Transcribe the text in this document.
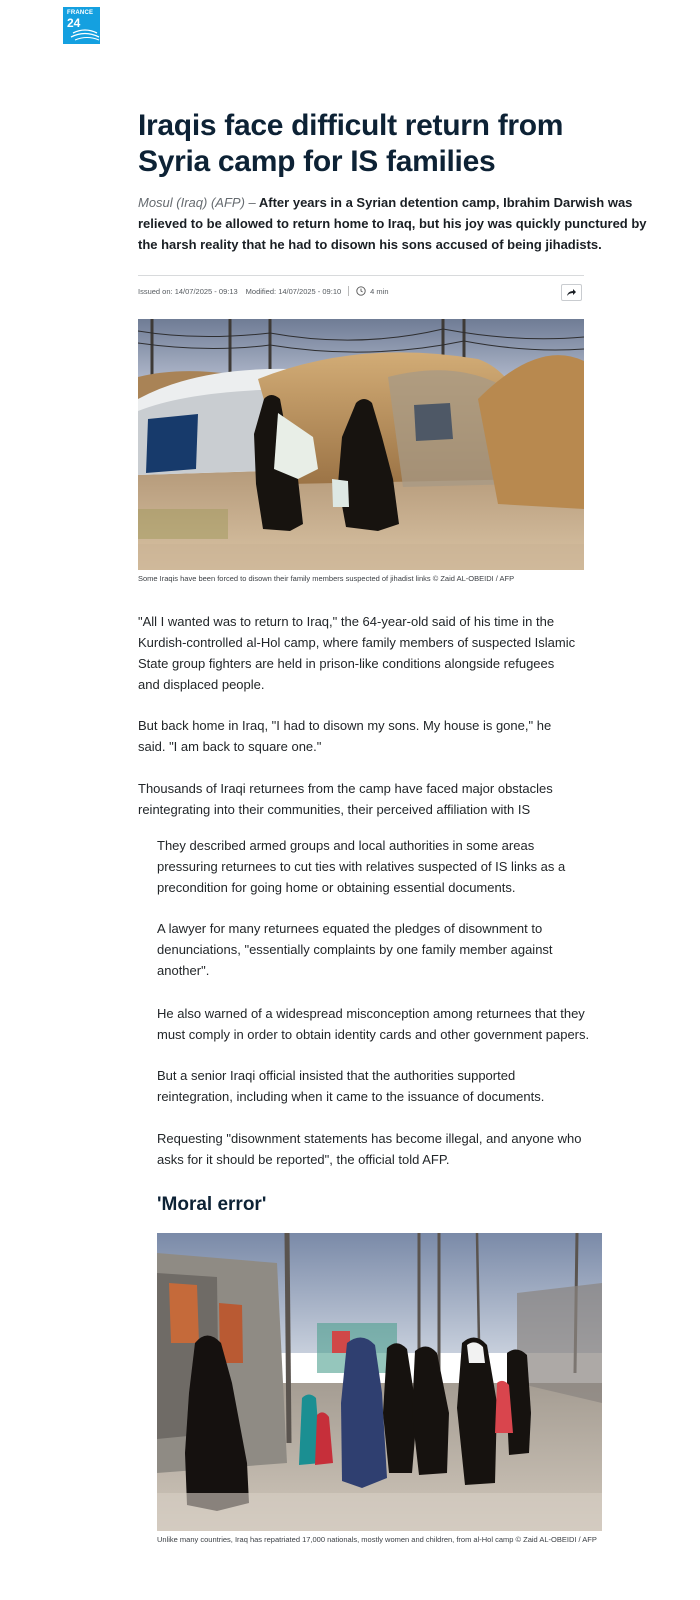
FRANCE
24
Iraqis face difficult return from Syria camp for IS families

Mosul (Iraq) (AFP) – After years in a Syrian detention camp, Ibrahim Darwish was relieved to be allowed to return home to Iraq, but his joy was quickly punctured by the harsh reality that he had to disown his sons accused of being jihadists.

Issued on: 14/07/2025 - 09:13 Modified: 14/07/2025 - 09:10	4 min

Some Iraqis have been forced to disown their family members suspected of jihadist links © Zaid AL-OBEIDI / AFP

"All I wanted was to return to Iraq," the 64-year-old said of his time in the Kurdish-controlled al-Hol camp, where family members of suspected Islamic State group fighters are held in prison-like conditions alongside refugees and displaced people.

But back home in Iraq, "I had to disown my sons. My house is gone," he said. "I am back to square one."

Thousands of Iraqi returnees from the camp have faced major obstacles reintegrating into their communities, their perceived affiliation with IS

They described armed groups and local authorities in some areas pressuring returnees to cut ties with relatives suspected of IS links as a precondition for going home or obtaining essential documents.

A lawyer for many returnees equated the pledges of disownment to denunciations, "essentially complaints by one family member against another".

He also warned of a widespread misconception among returnees that they must comply in order to obtain identity cards and other government papers.

But a senior Iraqi official insisted that the authorities supported reintegration, including when it came to the issuance of documents.

Requesting "disownment statements has become illegal, and anyone who asks for it should be reported", the official told AFP.

'Moral error'

Unlike many countries, Iraq has repatriated 17,000 nationals, mostly women and children, from al-Hol camp © Zaid AL-OBEIDI / AFP
